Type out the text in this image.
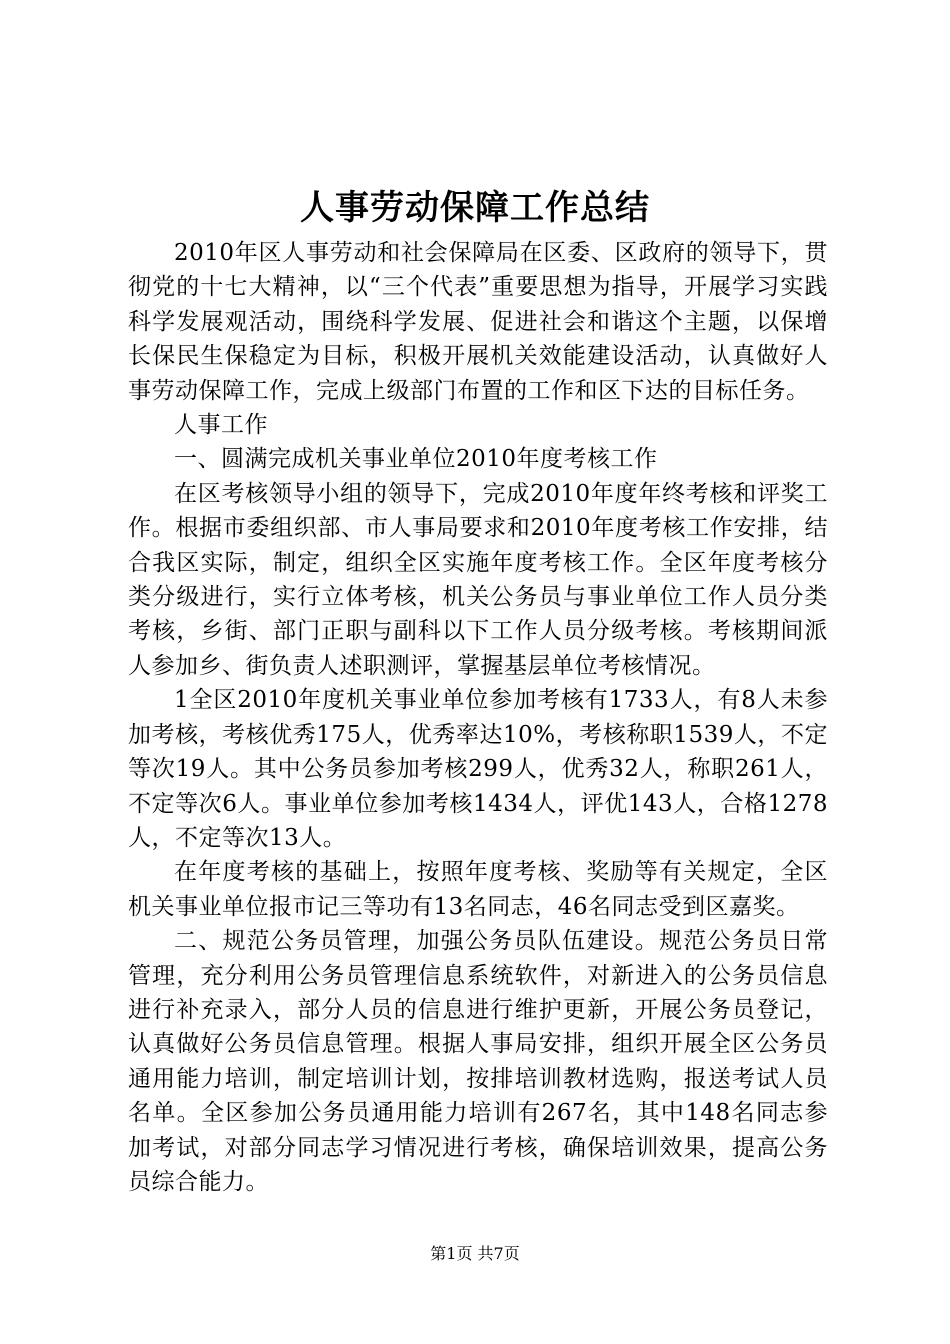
人事劳动保障工作总结

2010年区人事劳动和社会保障局在区委、区政府的领导下，贯彻党的十七大精神，以“三个代表”重要思想为指导，开展学习实践科学发展观活动，围绕科学发展、促进社会和谐这个主题，以保增长保民生保稳定为目标，积极开展机关效能建设活动，认真做好人事劳动保障工作，完成上级部门布置的工作和区下达的目标任务。

人事工作

一、圆满完成机关事业单位2010年度考核工作

在区考核领导小组的领导下，完成2010年度年终考核和评奖工作。根据市委组织部、市人事局要求和2010年度考核工作安排，结合我区实际，制定，组织全区实施年度考核工作。全区年度考核分类分级进行，实行立体考核，机关公务员与事业单位工作人员分类考核，乡街、部门正职与副科以下工作人员分级考核。考核期间派人参加乡、街负责人述职测评，掌握基层单位考核情况。

1全区2010年度机关事业单位参加考核有1733人，有8人未参加考核，考核优秀175人，优秀率达10%，考核称职1539人，不定等次19人。其中公务员参加考核299人，优秀32人，称职261人，不定等次6人。事业单位参加考核1434人，评优143人，合格1278人，不定等次13人。

在年度考核的基础上，按照年度考核、奖励等有关规定，全区机关事业单位报市记三等功有13名同志，46名同志受到区嘉奖。

二、规范公务员管理，加强公务员队伍建设。规范公务员日常管理，充分利用公务员管理信息系统软件，对新进入的公务员信息进行补充录入，部分人员的信息进行维护更新，开展公务员登记，认真做好公务员信息管理。根据人事局安排，组织开展全区公务员通用能力培训，制定培训计划，按排培训教材选购，报送考试人员名单。全区参加公务员通用能力培训有267名，其中148名同志参加考试，对部分同志学习情况进行考核，确保培训效果，提高公务员综合能力。

第1页 共7页
